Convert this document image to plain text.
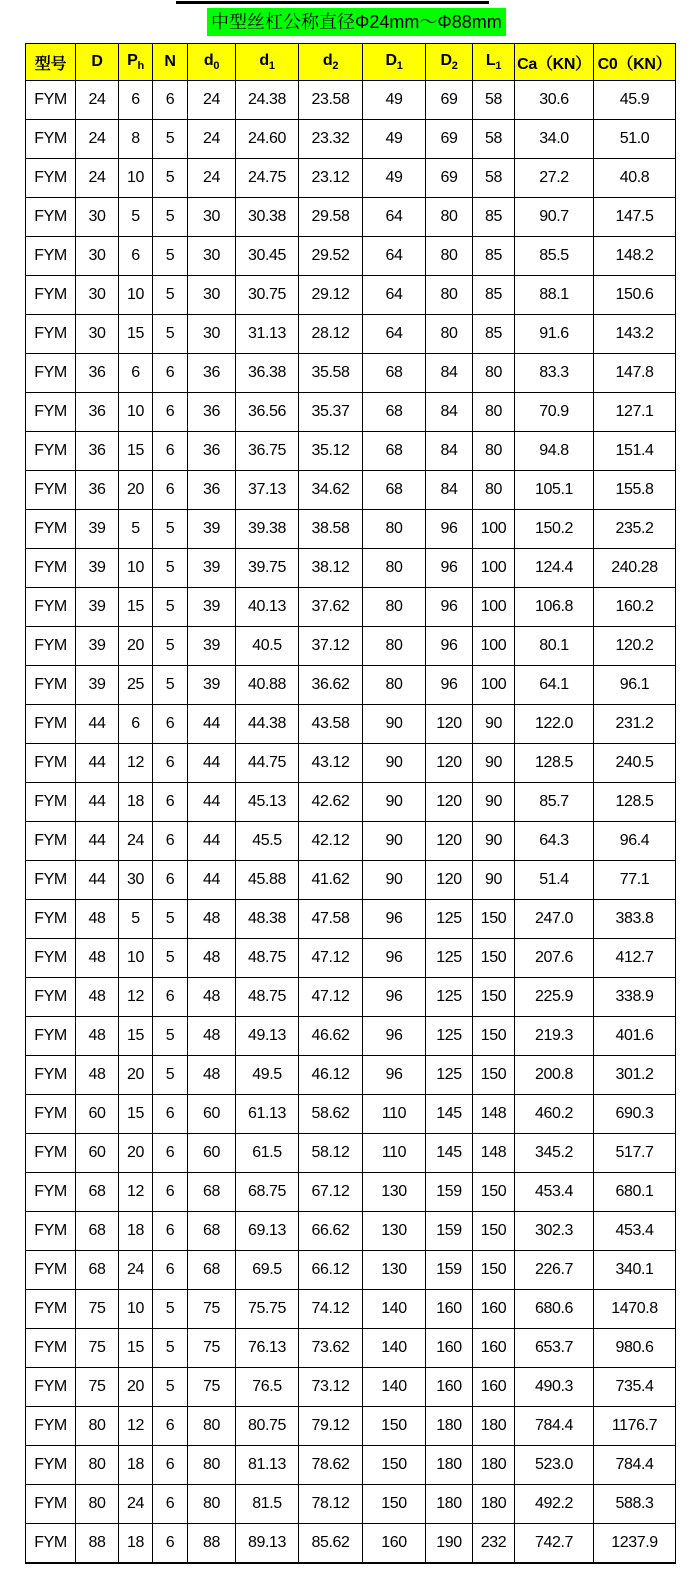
中型丝杠公称直径Φ24mm～Φ88mm
型号	D	$P_h$	N	$d_0$	$d_1$	$d_2$	$D_1$	$D_2$	$L_1$	Ca（KN）	C0（KN）
FYM	24	6	6	24	24.38	23.58	49	69	58	30.6	45.9
FYM	24	8	5	24	24.60	23.32	49	69	58	34.0	51.0
FYM	24	10	5	24	24.75	23.12	49	69	58	27.2	40.8
FYM	30	5	5	30	30.38	29.58	64	80	85	90.7	147.5
FYM	30	6	5	30	30.45	29.52	64	80	85	85.5	148.2
FYM	30	10	5	30	30.75	29.12	64	80	85	88.1	150.6
FYM	30	15	5	30	31.13	28.12	64	80	85	91.6	143.2
FYM	36	6	6	36	36.38	35.58	68	84	80	83.3	147.8
FYM	36	10	6	36	36.56	35.37	68	84	80	70.9	127.1
FYM	36	15	6	36	36.75	35.12	68	84	80	94.8	151.4
FYM	36	20	6	36	37.13	34.62	68	84	80	105.1	155.8
FYM	39	5	5	39	39.38	38.58	80	96	100	150.2	235.2
FYM	39	10	5	39	39.75	38.12	80	96	100	124.4	240.28
FYM	39	15	5	39	40.13	37.62	80	96	100	106.8	160.2
FYM	39	20	5	39	40.5	37.12	80	96	100	80.1	120.2
FYM	39	25	5	39	40.88	36.62	80	96	100	64.1	96.1
FYM	44	6	6	44	44.38	43.58	90	120	90	122.0	231.2
FYM	44	12	6	44	44.75	43.12	90	120	90	128.5	240.5
FYM	44	18	6	44	45.13	42.62	90	120	90	85.7	128.5
FYM	44	24	6	44	45.5	42.12	90	120	90	64.3	96.4
FYM	44	30	6	44	45.88	41.62	90	120	90	51.4	77.1
FYM	48	5	5	48	48.38	47.58	96	125	150	247.0	383.8
FYM	48	10	5	48	48.75	47.12	96	125	150	207.6	412.7
FYM	48	12	6	48	48.75	47.12	96	125	150	225.9	338.9
FYM	48	15	5	48	49.13	46.62	96	125	150	219.3	401.6
FYM	48	20	5	48	49.5	46.12	96	125	150	200.8	301.2
FYM	60	15	6	60	61.13	58.62	110	145	148	460.2	690.3
FYM	60	20	6	60	61.5	58.12	110	145	148	345.2	517.7
FYM	68	12	6	68	68.75	67.12	130	159	150	453.4	680.1
FYM	68	18	6	68	69.13	66.62	130	159	150	302.3	453.4
FYM	68	24	6	68	69.5	66.12	130	159	150	226.7	340.1
FYM	75	10	5	75	75.75	74.12	140	160	160	680.6	1470.8
FYM	75	15	5	75	76.13	73.62	140	160	160	653.7	980.6
FYM	75	20	5	75	76.5	73.12	140	160	160	490.3	735.4
FYM	80	12	6	80	80.75	79.12	150	180	180	784.4	1176.7
FYM	80	18	6	80	81.13	78.62	150	180	180	523.0	784.4
FYM	80	24	6	80	81.5	78.12	150	180	180	492.2	588.3
FYM	88	18	6	88	89.13	85.62	160	190	232	742.7	1237.9
